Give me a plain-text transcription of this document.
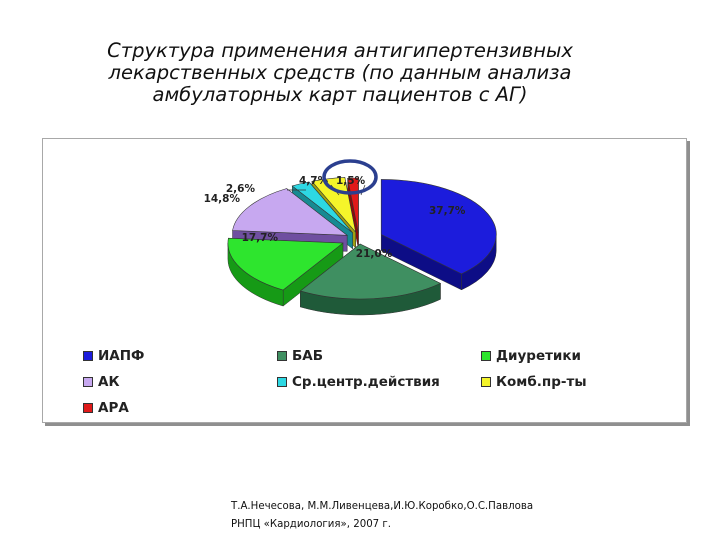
Структура применения антигипертензивных
лекарственных средств (по данным анализа
амбулаторных карт пациентов с АГ)
37,7%
21,0%
17,7%
14,8%
2,6%
4,7% 1,5%
ИАПФ	БАБ	Диуретики
АК	Ср.центр.действия	Комб.пр-ты
АРА
Т.А.Нечесова, М.М.Ливенцева,И.Ю.Коробко,О.С.Павлова
РНПЦ «Кардиология», 2007 г.
